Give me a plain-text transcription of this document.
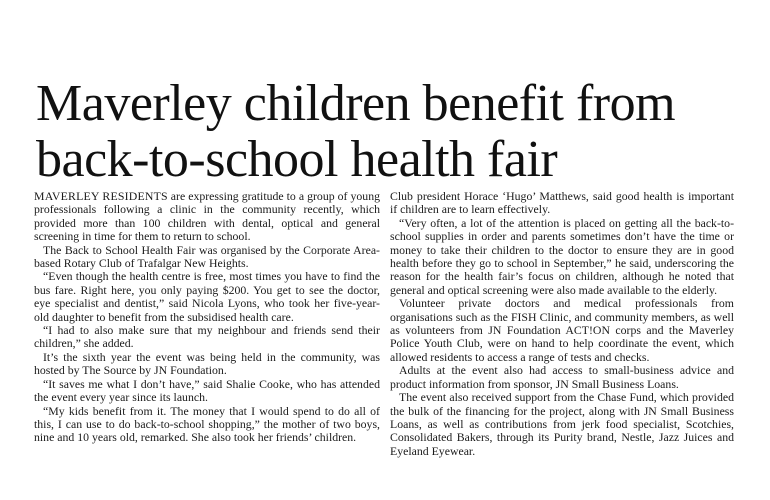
Maverley children benefit from
back-to-school health fair

MAVERLEY RESIDENTS are expressing gratitude to a group of young professionals following a clinic in the community recently, which provided more than 100 children with dental, optical and general screening in time for them to return to school.

The Back to School Health Fair was organised by the Corporate Area-based Rotary Club of Trafalgar New Heights.

“Even though the health centre is free, most times you have to find the bus fare. Right here, you only paying $200. You get to see the doctor, eye specialist and dentist,” said Nicola Lyons, who took her five-year-old daughter to benefit from the subsidised health care.

“I had to also make sure that my neighbour and friends send their children,” she added.

It’s the sixth year the event was being held in the community, was hosted by The Source by JN Foundation.

“It saves me what I don’t have,” said Shalie Cooke, who has attended the event every year since its launch.

“My kids benefit from it. The money that I would spend to do all of this, I can use to do back-to-school shopping,” the mother of two boys, nine and 10 years old, remarked. She also took her friends’ children.

Club president Horace ‘Hugo’ Matthews, said good health is important if children are to learn effectively.

“Very often, a lot of the attention is placed on getting all the back-to-school supplies in order and parents sometimes don’t have the time or money to take their children to the doctor to ensure they are in good health before they go to school in September,” he said, underscoring the reason for the health fair’s focus on children, although he noted that general and optical screening were also made available to the elderly.

Volunteer private doctors and medical professionals from organisations such as the FISH Clinic, and community members, as well as volunteers from JN Foundation ACT!ON corps and the Maverley Police Youth Club, were on hand to help coordinate the event, which allowed residents to access a range of tests and checks.

Adults at the event also had access to small-business advice and product information from sponsor, JN Small Business Loans.

The event also received support from the Chase Fund, which provided the bulk of the financing for the project, along with JN Small Business Loans, as well as contributions from jerk food specialist, Scotchies, Consolidated Bakers, through its Purity brand, Nestle, Jazz Juices and Eyeland Eyewear.
